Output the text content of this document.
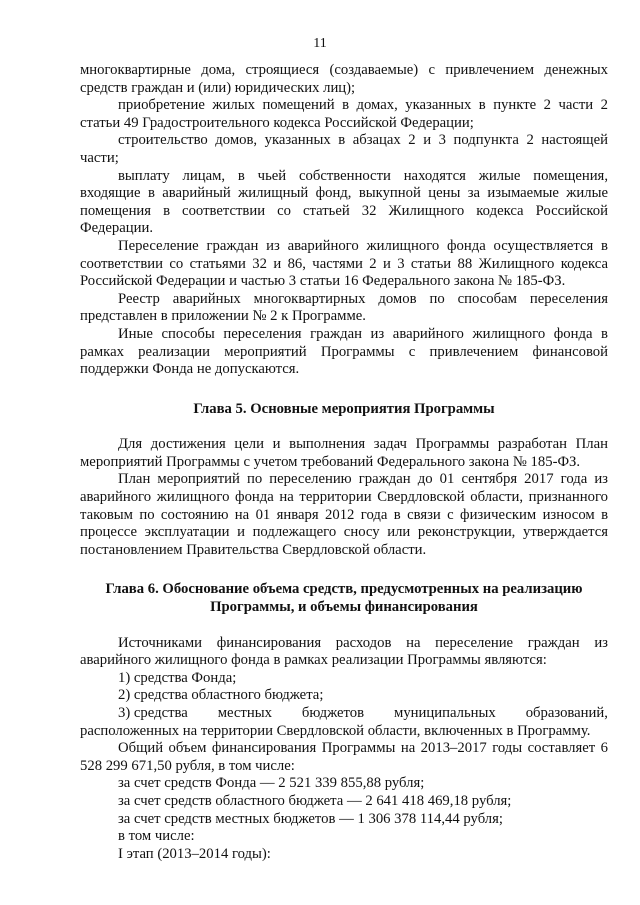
11

многоквартирные дома, строящиеся (создаваемые) с привлечением денежных средств граждан и (или) юридических лиц);

приобретение жилых помещений в домах, указанных в пункте 2 части 2 статьи 49 Градостроительного кодекса Российской Федерации;

строительство домов, указанных в абзацах 2 и 3 подпункта 2 настоящей части;

выплату лицам, в чьей собственности находятся жилые помещения, входящие в аварийный жилищный фонд, выкупной цены за изымаемые жилые помещения в соответствии со статьей 32 Жилищного кодекса Российской Федерации.

Переселение граждан из аварийного жилищного фонда осуществляется в соответствии со статьями 32 и 86, частями 2 и 3 статьи 88 Жилищного кодекса Российской Федерации и частью 3 статьи 16 Федерального закона № 185-ФЗ.

Реестр аварийных многоквартирных домов по способам переселения представлен в приложении № 2 к Программе.

Иные способы переселения граждан из аварийного жилищного фонда в рамках реализации мероприятий Программы с привлечением финансовой поддержки Фонда не допускаются.

Глава 5. Основные мероприятия Программы

Для достижения цели и выполнения задач Программы разработан План мероприятий Программы с учетом требований Федерального закона № 185-ФЗ.

План мероприятий по переселению граждан до 01 сентября 2017 года из аварийного жилищного фонда на территории Свердловской области, признанного таковым по состоянию на 01 января 2012 года в связи с физическим износом в процессе эксплуатации и подлежащего сносу или реконструкции, утверждается постановлением Правительства Свердловской области.

Глава 6. Обоснование объема средств, предусмотренных на реализацию
Программы, и объемы финансирования

Источниками финансирования расходов на переселение граждан из аварийного жилищного фонда в рамках реализации Программы являются:

1) средства Фонда;
2) средства областного бюджета;
3) средства местных бюджетов муниципальных образований,
расположенных на территории Свердловской области, включенных в Программу.

Общий объем финансирования Программы на 2013–2017 годы составляет 6 528 299 671,50 рубля, в том числе:

за счет средств Фонда — 2 521 339 855,88 рубля;
за счет средств областного бюджета — 2 641 418 469,18 рубля;
за счет средств местных бюджетов — 1 306 378 114,44 рубля;
в том числе:
I этап (2013–2014 годы):
